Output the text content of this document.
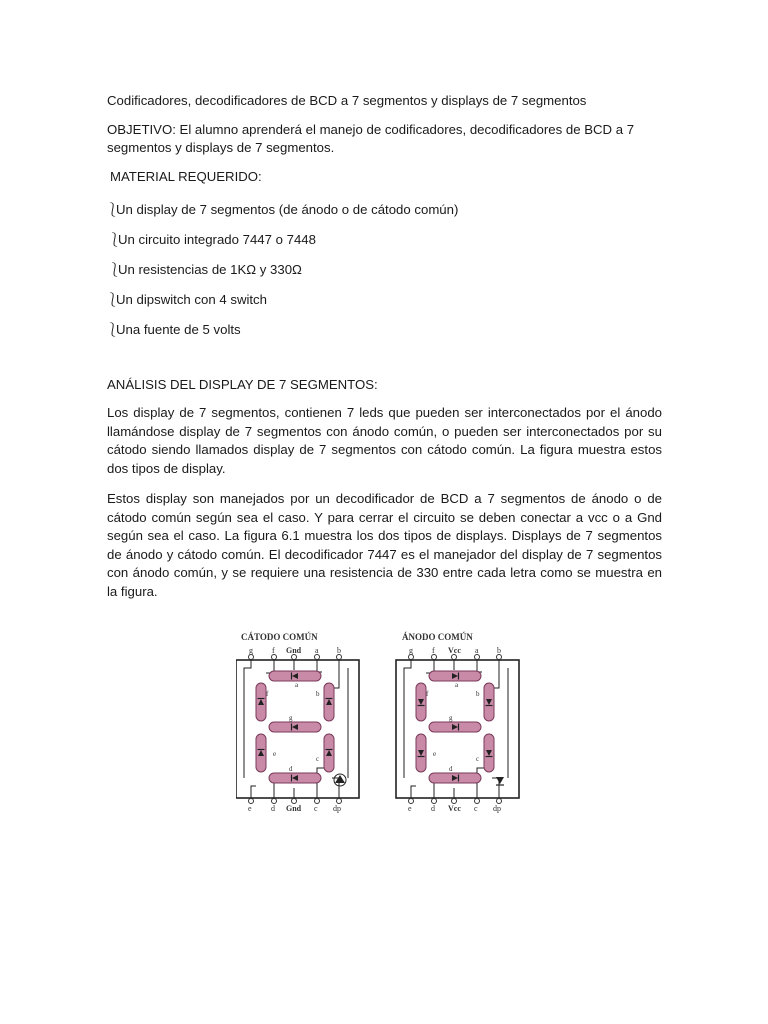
Codificadores, decodificadores de BCD a 7 segmentos y displays de 7 segmentos
OBJETIVO: El alumno aprenderá el manejo de codificadores, decodificadores de BCD a 7
segmentos y displays de 7 segmentos.
MATERIAL REQUERIDO:
⎱Un display de 7 segmentos (de ánodo o de cátodo común)
⎱Un circuito integrado 7447 o 7448
⎱Un resistencias de 1KΩ y 330Ω
⎱Un dipswitch con 4 switch
⎱Una fuente de 5 volts
ANÁLISIS DEL DISPLAY DE 7 SEGMENTOS:
Los display de 7 segmentos, contienen 7 leds que pueden ser interconectados por el ánodo llamándose display de 7 segmentos con ánodo común, o pueden ser interconectados por su cátodo siendo llamados display de 7 segmentos con cátodo común. La figura muestra estos dos tipos de display.
Estos display son manejados por un decodificador de BCD a 7 segmentos de ánodo o de cátodo común según sea el caso. Y para cerrar el circuito se deben conectar a vcc o a Gnd según sea el caso. La figura 6.1 muestra los dos tipos de displays. Displays de 7 segmentos de ánodo y cátodo común. El decodificador 7447 es el manejador del display de 7 segmentos con ánodo común, y se requiere una resistencia de 330 entre cada letra como se muestra en la figura.
CÁTODO COMÚN	ÁNODO COMÚN
g f Gnd a b
e d Gnd c dp
a
b
c
d
e
f
g
g f Vcc a b
e d Vcc c dp
a
b
c
d
e
f
g
